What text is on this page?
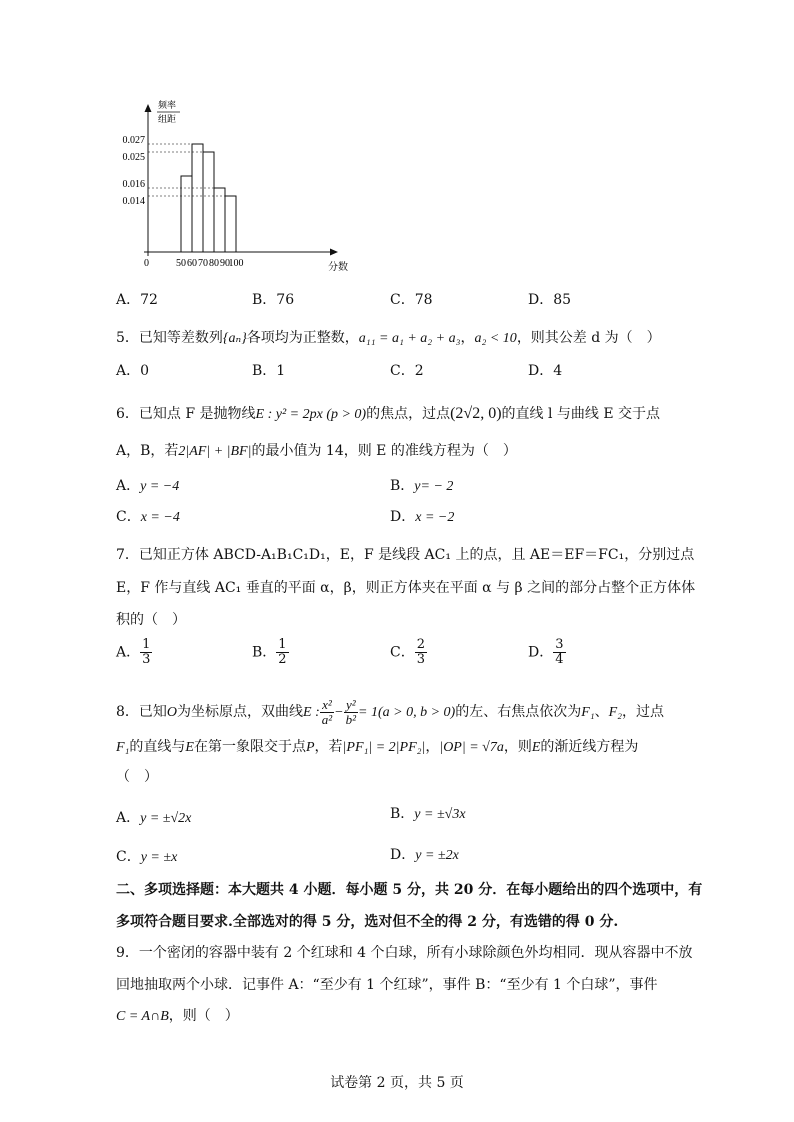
频率
组距
分数
0	50 60 70 80 90
100
0.027
0.025
0.016
0.014
A．72	B．76	C．78	D．85
5．已知等差数列{aₙ}各项均为正整数，a₁₁ = a₁ + a₂ + a₃，a₂ < 10，则其公差 d 为（　）
A．0	B．1	C．2	D．4
6．已知点 F 是抛物线E : y² = 2px (p > 0)的焦点，过点(2√2, 0)的直线 l 与曲线 E 交于点
A，B，若2|AF| + |BF|的最小值为 14，则 E 的准线方程为（　）
A．y = −4	B．y= − 2
C．x = −4	D．x = −2
7．已知正方体 ABCD-A₁B₁C₁D₁，E，F 是线段 AC₁ 上的点，且 AE＝EF＝FC₁，分别过点
E，F 作与直线 AC₁ 垂直的平面 α，β，则正方体夹在平面 α 与 β 之间的部分占整个正方体体
积的（　）
A． $\frac{1}{3}$	B． $\frac{1}{2}$	C． $\frac{2}{3}$	D． $\frac{3}{4}$
8．已知O为坐标原点，双曲线E : $\frac{\text{x²}}{\text{a²}} - \frac{\text{y²}}{\text{b²}} = 1(a > 0$, b > 0)的左、右焦点依次为F₁、F₂，过点
F₁的直线与E在第一象限交于点P，若|PF₁| = 2|PF₂|，|OP| = √7a，则E的渐近线方程为
（　）
A．y = ±√2x	B．y = ±√3x
C．y = ±x	D．y = ±2x
二、多项选择题：本大题共 4 小题．每小题 5 分，共 20 分．在每小题给出的四个选项中，有
多项符合题目要求.全部选对的得 5 分，选对但不全的得 2 分，有选错的得 0 分.
9．一个密闭的容器中装有 2 个红球和 4 个白球，所有小球除颜色外均相同．现从容器中不放
回地抽取两个小球．记事件 A：“至少有 1 个红球”，事件 B：“至少有 1 个白球”，事件
C = A∩B，则（　）
试卷第 2 页，共 5 页
